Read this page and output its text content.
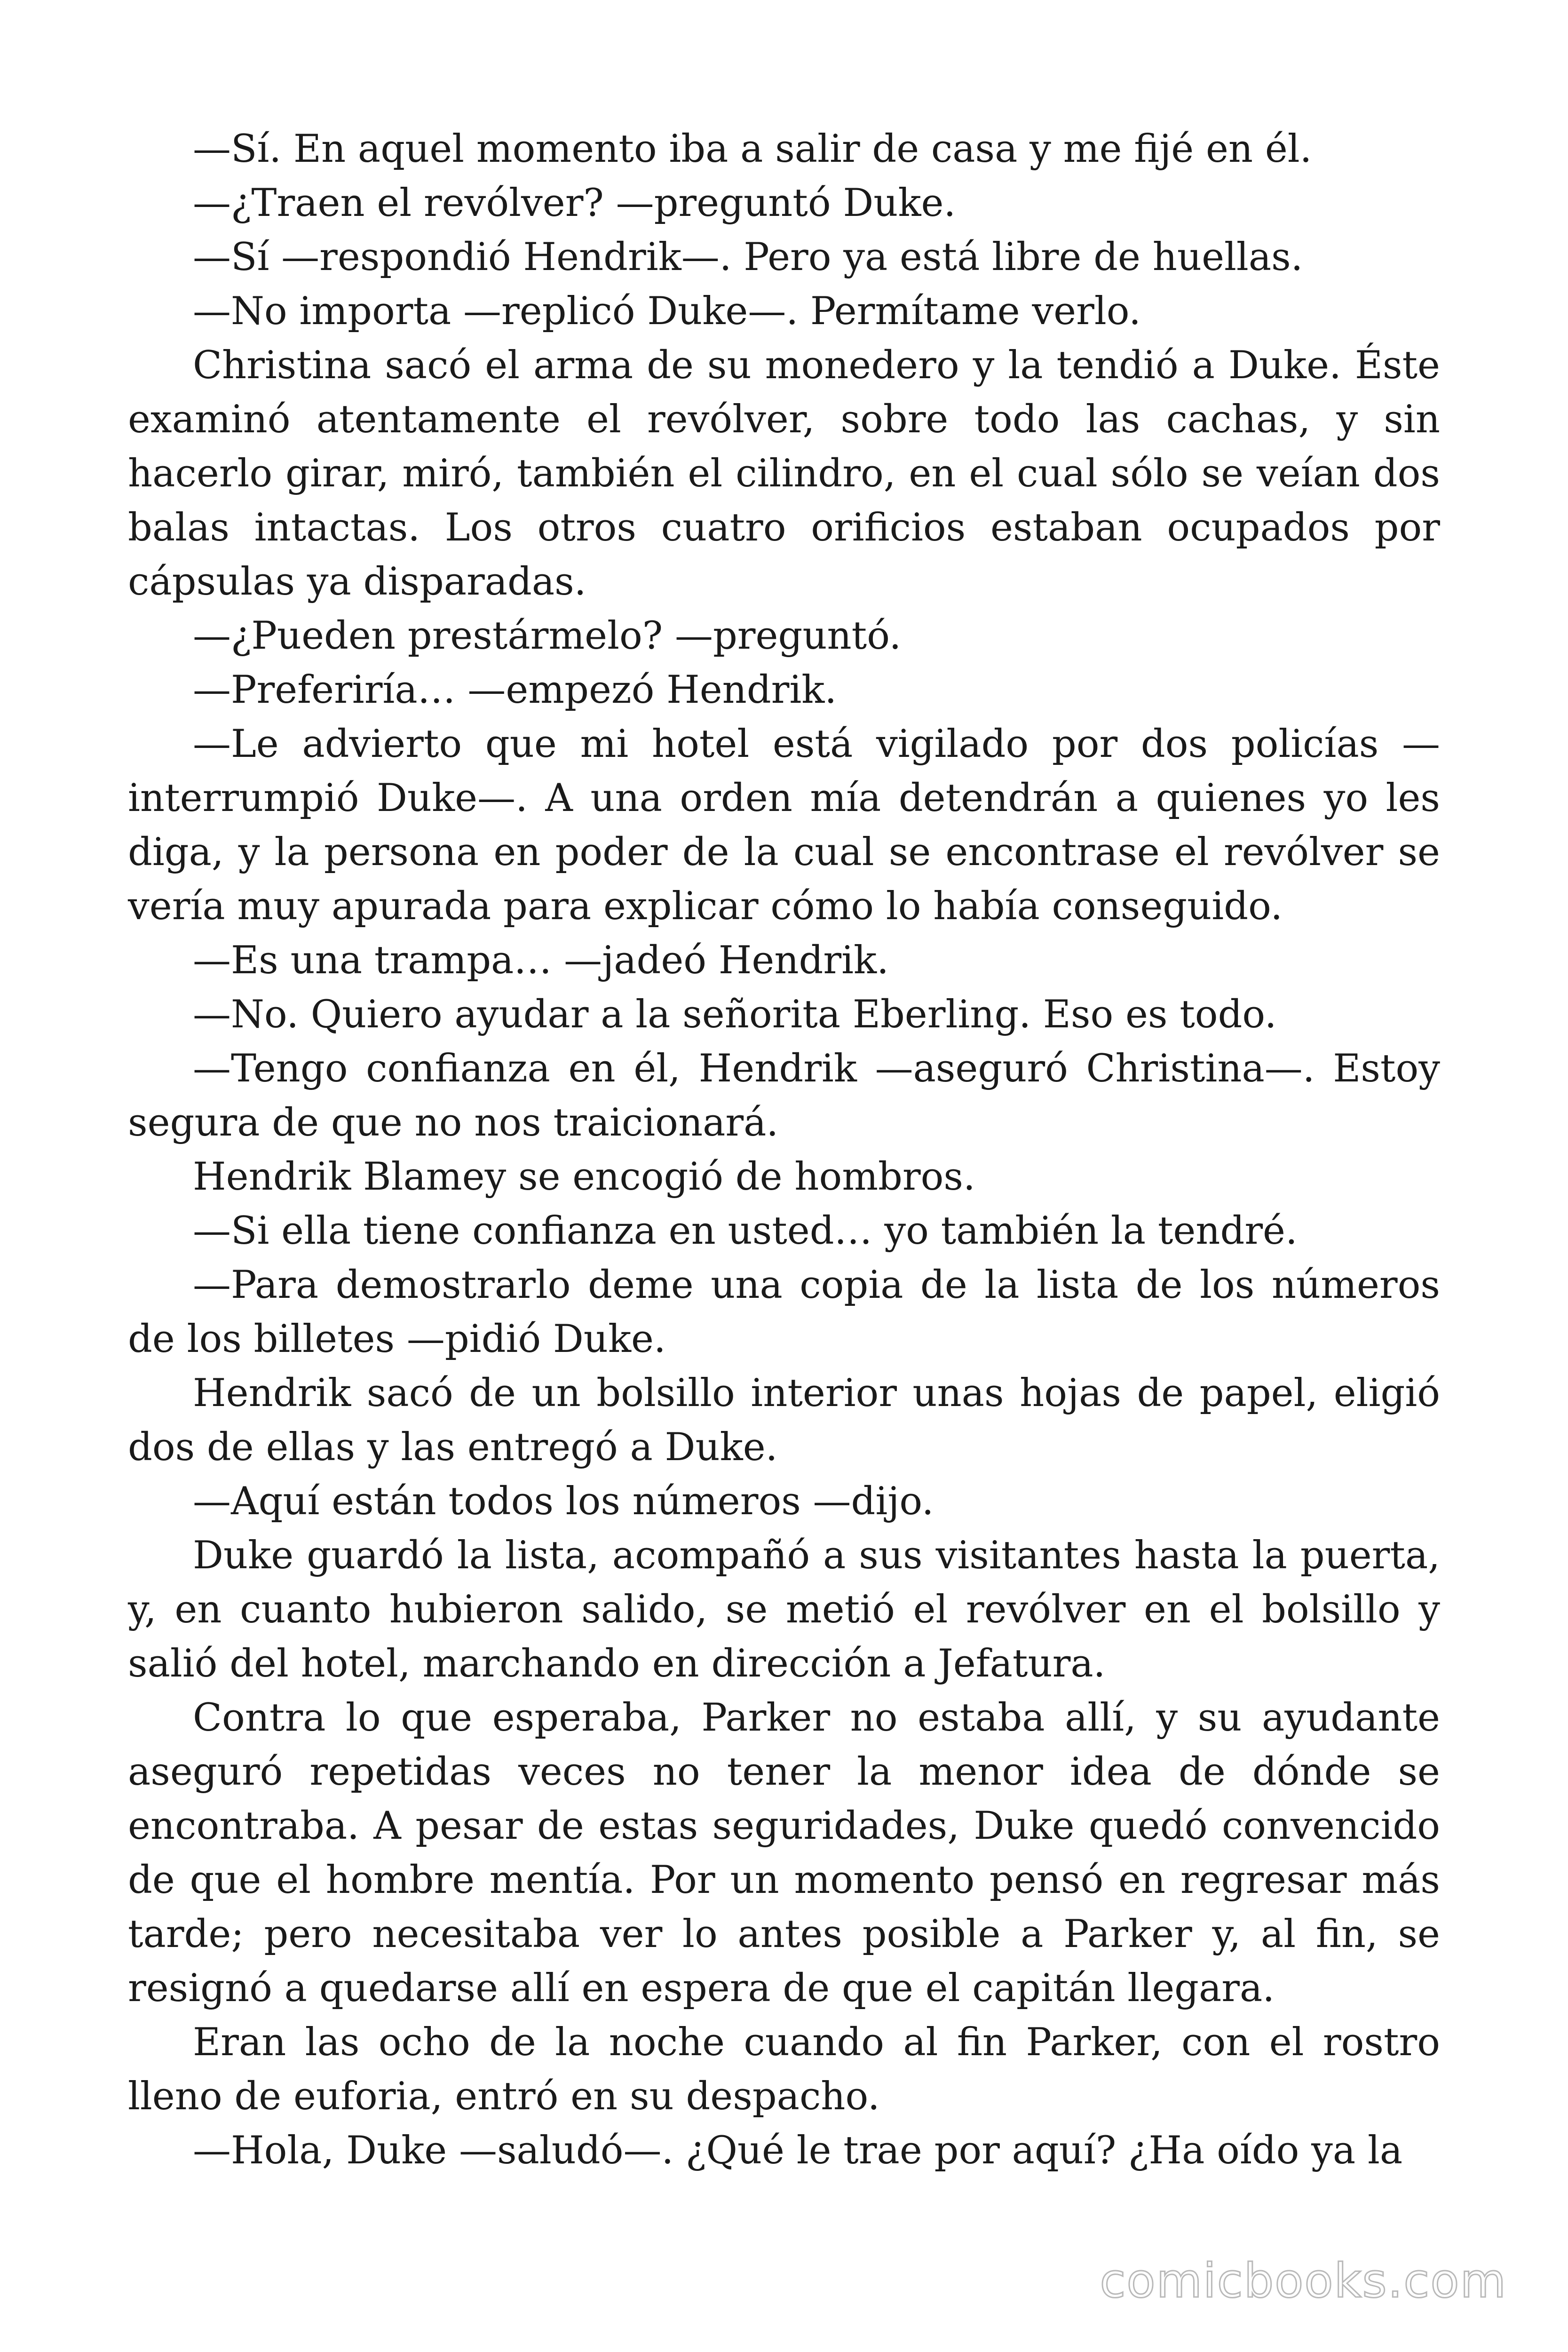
—Sí. En aquel momento iba a salir de casa y me fijé en él.

—¿Traen el revólver? —preguntó Duke.

—Sí —respondió Hendrik—. Pero ya está libre de huellas.

—No importa —replicó Duke—. Permítame verlo.

Christina sacó el arma de su monedero y la tendió a Duke. Éste examinó atentamente el revólver, sobre todo las cachas, y sin hacerlo girar, miró, también el cilindro, en el cual sólo se veían dos balas intactas. Los otros cuatro orificios estaban ocupados por cápsulas ya disparadas.

—¿Pueden prestármelo? —preguntó.

—Preferiría… —empezó Hendrik.

—Le advierto que mi hotel está vigilado por dos policías — interrumpió Duke—. A una orden mía detendrán a quienes yo les diga, y la persona en poder de la cual se encontrase el revólver se vería muy apurada para explicar cómo lo había conseguido.

—Es una trampa… —jadeó Hendrik.

—No. Quiero ayudar a la señorita Eberling. Eso es todo.

—Tengo confianza en él, Hendrik —aseguró Christina—. Estoy segura de que no nos traicionará.

Hendrik Blamey se encogió de hombros.

—Si ella tiene confianza en usted… yo también la tendré.

—Para demostrarlo deme una copia de la lista de los números de los billetes —pidió Duke.

Hendrik sacó de un bolsillo interior unas hojas de papel, eligió dos de ellas y las entregó a Duke.

—Aquí están todos los números —dijo.

Duke guardó la lista, acompañó a sus visitantes hasta la puerta, y, en cuanto hubieron salido, se metió el revólver en el bolsillo y salió del hotel, marchando en dirección a Jefatura.

Contra lo que esperaba, Parker no estaba allí, y su ayudante aseguró repetidas veces no tener la menor idea de dónde se encontraba. A pesar de estas seguridades, Duke quedó convencido de que el hombre mentía. Por un momento pensó en regresar más tarde; pero necesitaba ver lo antes posible a Parker y, al fin, se resignó a quedarse allí en espera de que el capitán llegara.

Eran las ocho de la noche cuando al fin Parker, con el rostro lleno de euforia, entró en su despacho.

—Hola, Duke —saludó—. ¿Qué le trae por aquí? ¿Ha oído ya la

comicbooks.com
